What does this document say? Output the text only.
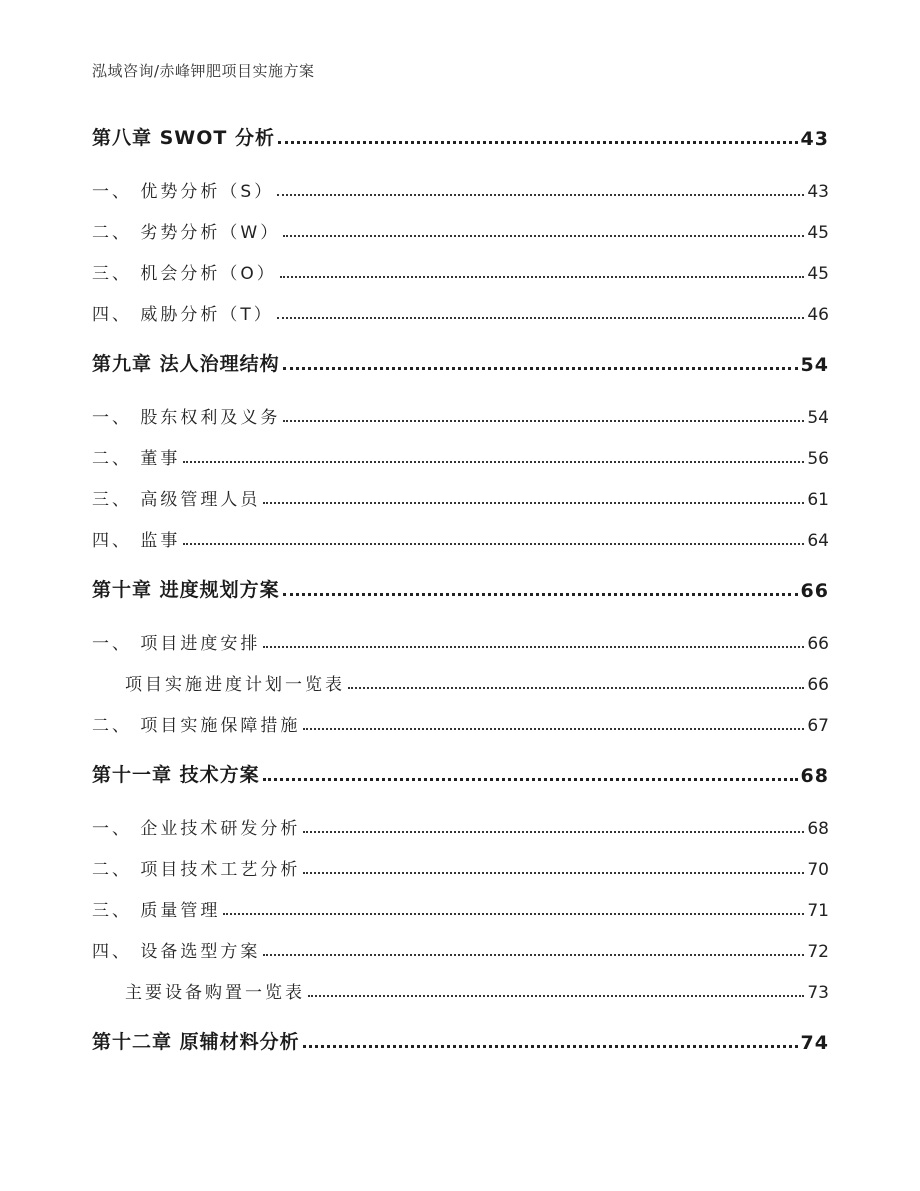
泓域咨询/赤峰钾肥项目实施方案
第八章 SWOT 分析	43
一、 优势分析（S）	43
二、 劣势分析（W）	45
三、 机会分析（O）	45
四、 威胁分析（T）	46
第九章 法人治理结构	54
一、 股东权利及义务	54
二、 董事	56
三、 高级管理人员	61
四、 监事	64
第十章 进度规划方案	66
一、 项目进度安排	66
项目实施进度计划一览表	66
二、 项目实施保障措施	67
第十一章 技术方案	68
一、 企业技术研发分析	68
二、 项目技术工艺分析	70
三、 质量管理	71
四、 设备选型方案	72
主要设备购置一览表	73
第十二章 原辅材料分析	74
